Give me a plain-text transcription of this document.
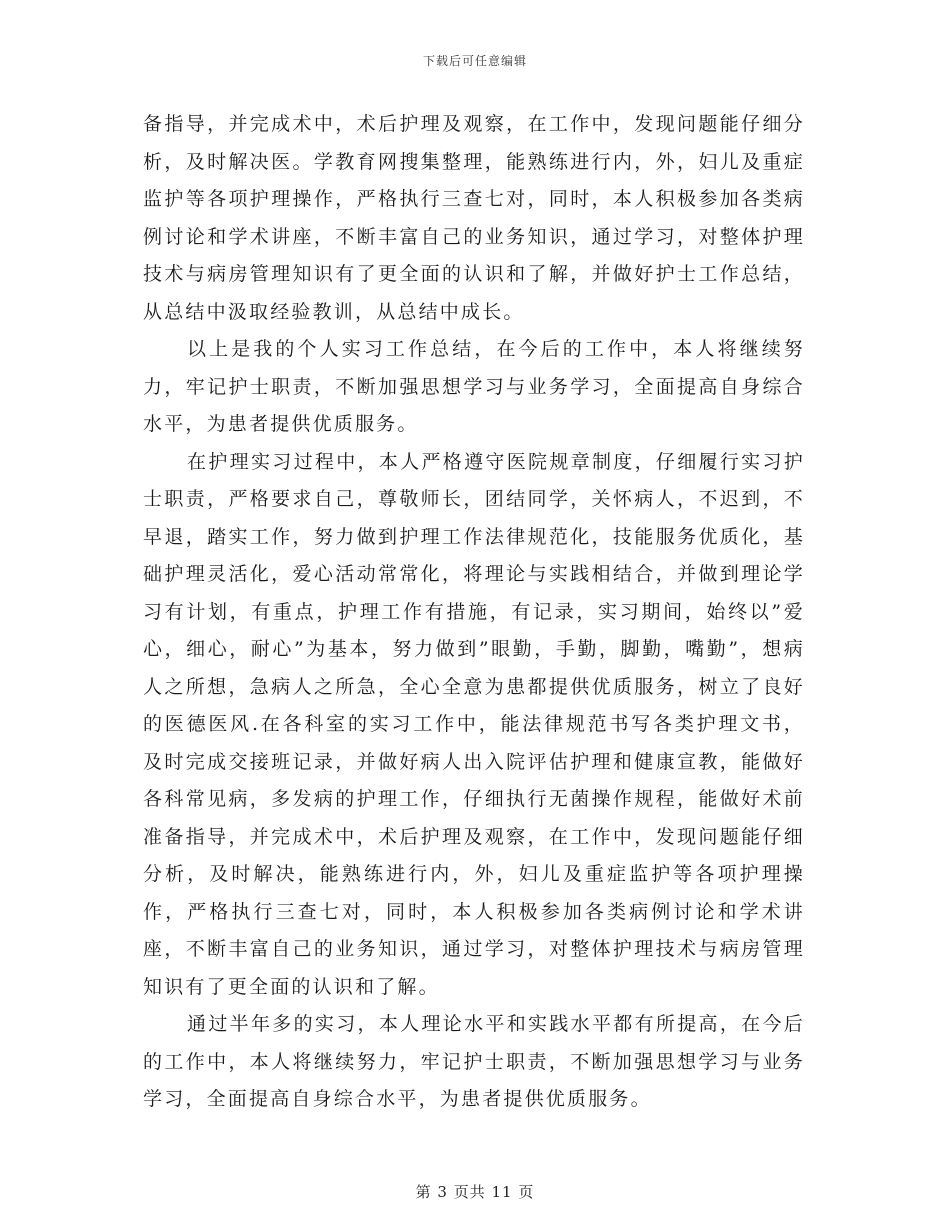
下载后可任意编辑

备指导，并完成术中，术后护理及观察，在工作中，发现问题能仔细分析，及时解决医。学教育网搜集整理，能熟练进行内，外，妇儿及重症监护等各项护理操作，严格执行三查七对，同时，本人积极参加各类病例讨论和学术讲座，不断丰富自己的业务知识，通过学习，对整体护理技术与病房管理知识有了更全面的认识和了解，并做好护士工作总结，从总结中汲取经验教训，从总结中成长。

以上是我的个人实习工作总结，在今后的工作中，本人将继续努力，牢记护士职责，不断加强思想学习与业务学习，全面提高自身综合水平，为患者提供优质服务。

在护理实习过程中，本人严格遵守医院规章制度，仔细履行实习护士职责，严格要求自己，尊敬师长，团结同学，关怀病人，不迟到，不早退，踏实工作，努力做到护理工作法律规范化，技能服务优质化，基础护理灵活化，爱心活动常常化，将理论与实践相结合，并做到理论学习有计划，有重点，护理工作有措施，有记录，实习期间，始终以”爱心，细心，耐心”为基本，努力做到”眼勤，手勤，脚勤，嘴勤”，想病人之所想，急病人之所急，全心全意为患都提供优质服务，树立了良好的医德医风.在各科室的实习工作中，能法律规范书写各类护理文书，及时完成交接班记录，并做好病人出入院评估护理和健康宣教，能做好各科常见病，多发病的护理工作，仔细执行无菌操作规程，能做好术前准备指导，并完成术中，术后护理及观察，在工作中，发现问题能仔细分析，及时解决，能熟练进行内，外，妇儿及重症监护等各项护理操作，严格执行三查七对，同时，本人积极参加各类病例讨论和学术讲座，不断丰富自己的业务知识，通过学习，对整体护理技术与病房管理知识有了更全面的认识和了解。

通过半年多的实习，本人理论水平和实践水平都有所提高，在今后的工作中，本人将继续努力，牢记护士职责，不断加强思想学习与业务学习，全面提高自身综合水平，为患者提供优质服务。

第 3 页共 11 页
